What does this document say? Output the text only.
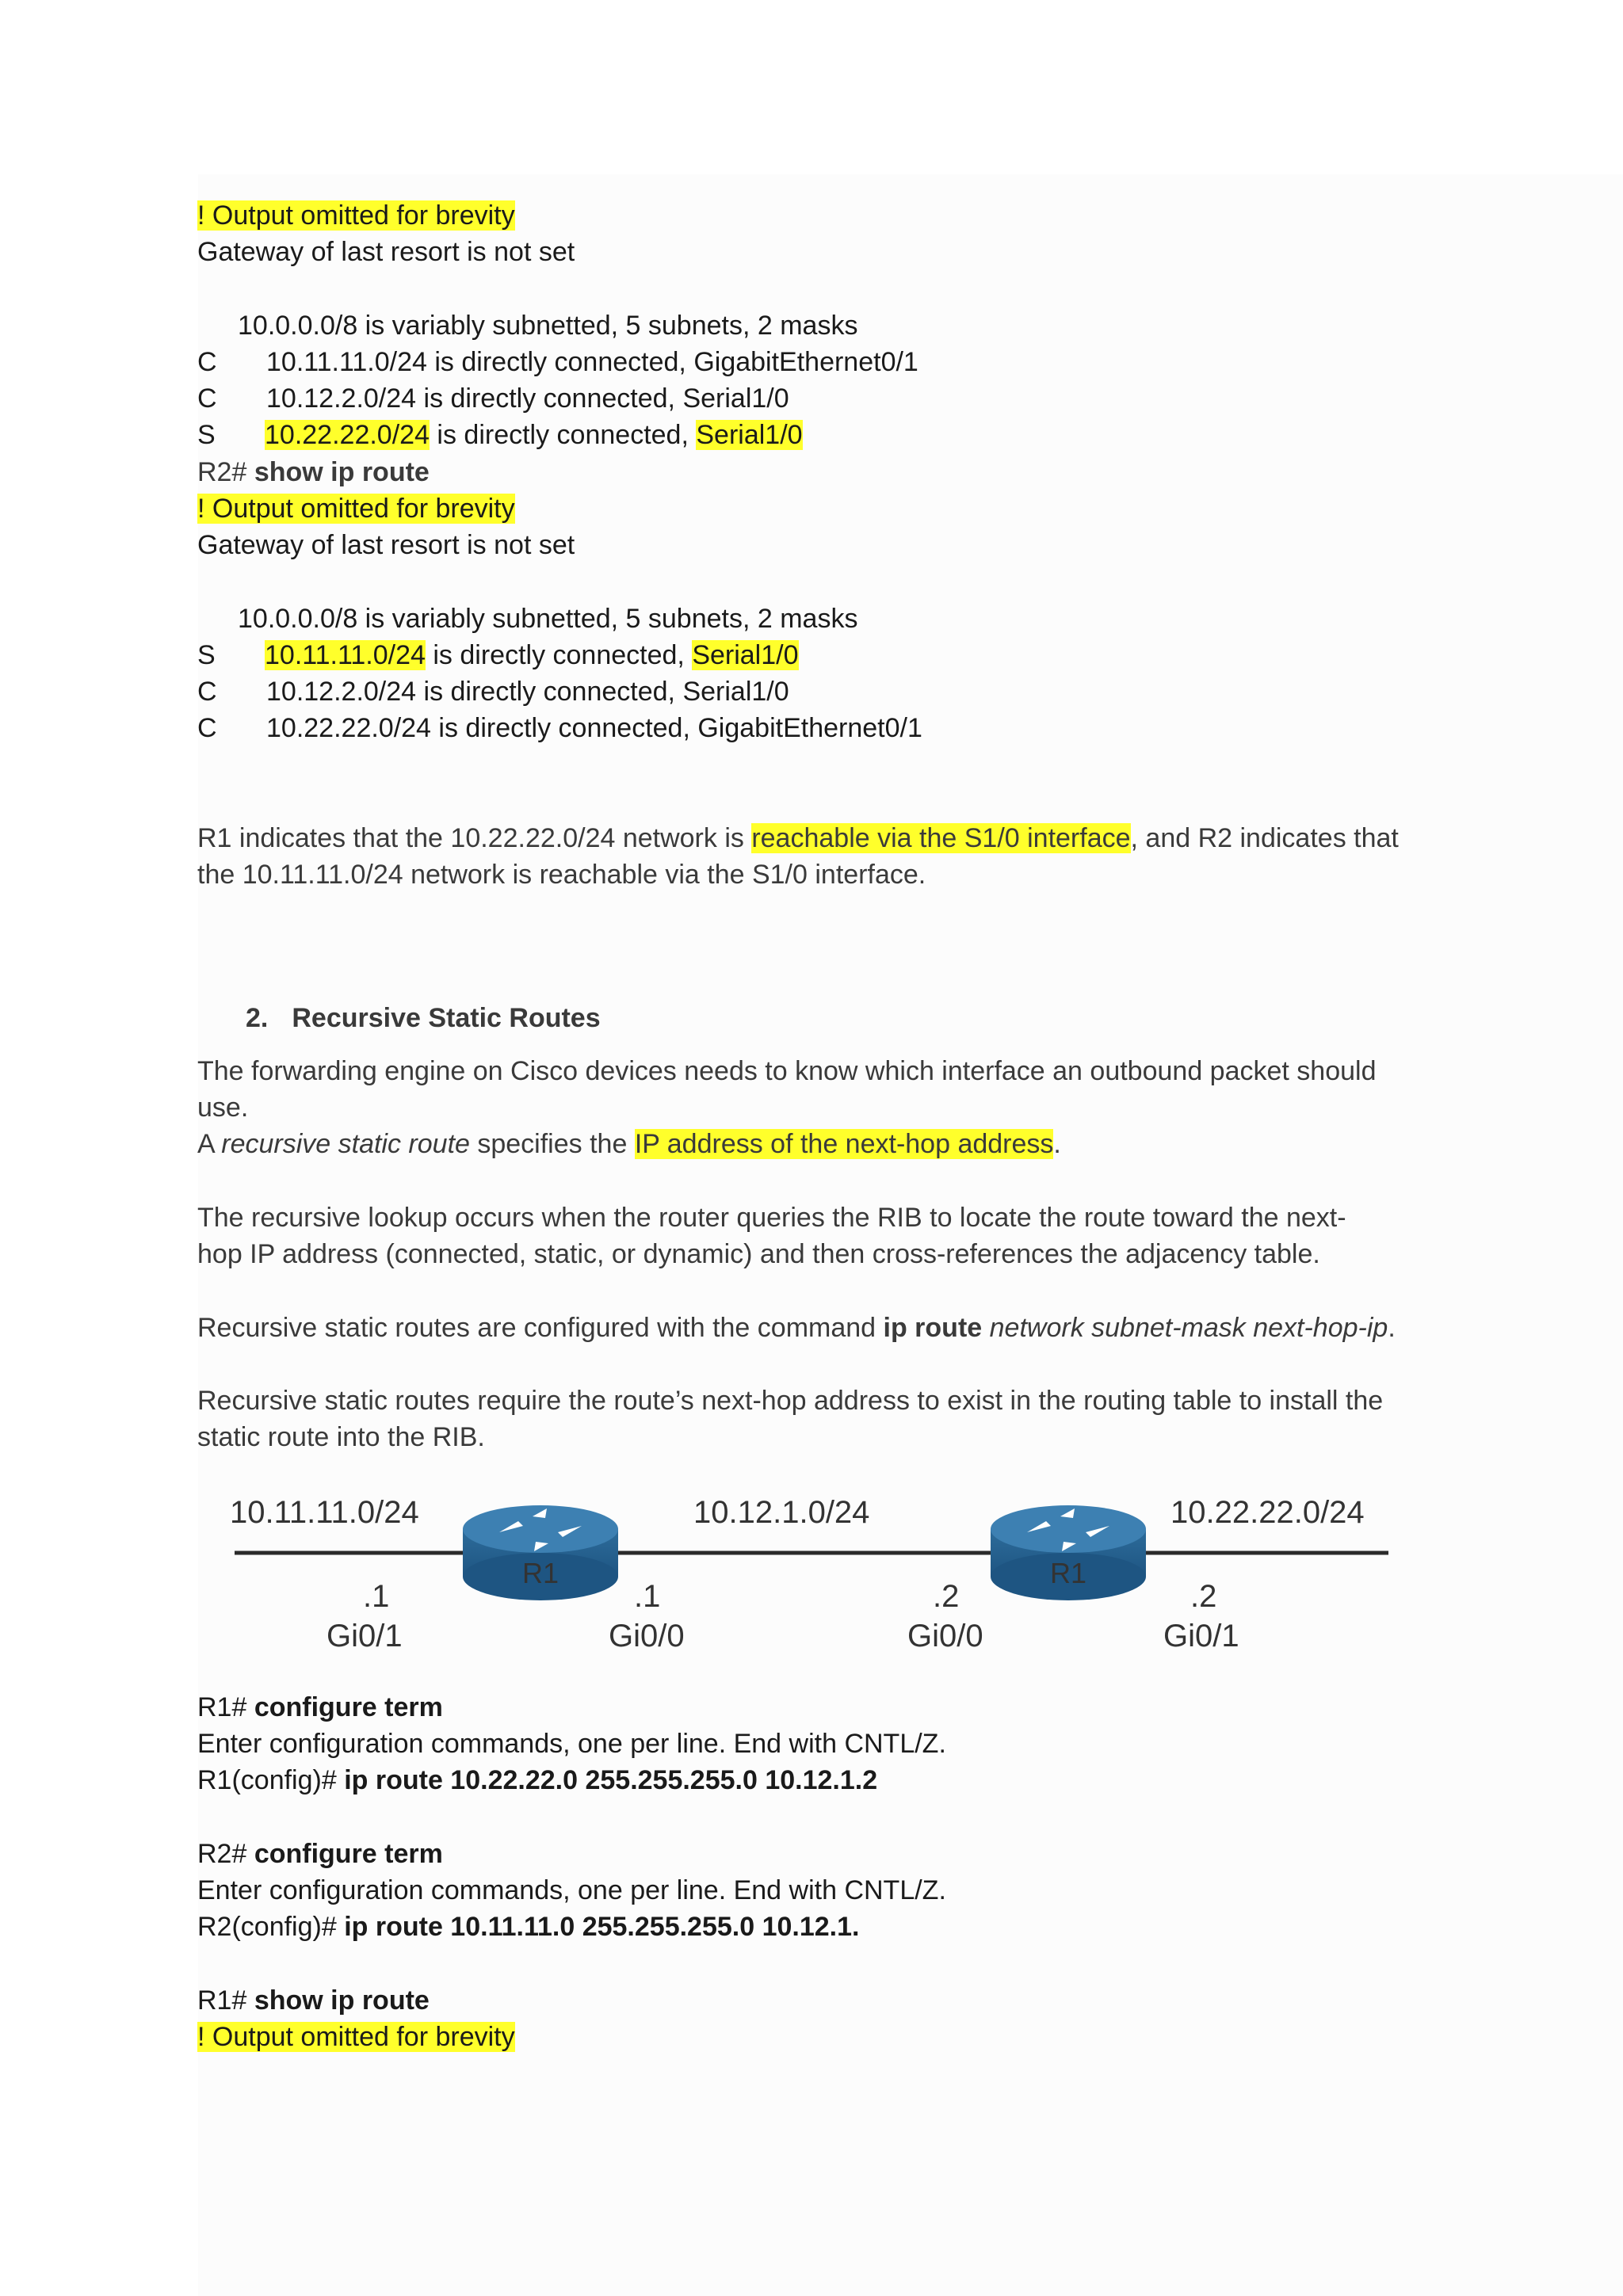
! Output omitted for brevity
Gateway of last resort is not set
10.0.0.0/8 is variably subnetted, 5 subnets, 2 masks
C 10.11.11.0/24 is directly connected, GigabitEthernet0/1
C 10.12.2.0/24 is directly connected, Serial1/0
S 10.22.22.0/24 is directly connected, Serial1/0
R2# show ip route
! Output omitted for brevity
Gateway of last resort is not set
10.0.0.0/8 is variably subnetted, 5 subnets, 2 masks
S 10.11.11.0/24 is directly connected, Serial1/0
C 10.12.2.0/24 is directly connected, Serial1/0
C 10.22.22.0/24 is directly connected, GigabitEthernet0/1
R1 indicates that the 10.22.22.0/24 network is reachable via the S1/0 interface, and R2 indicates that
the 10.11.11.0/24 network is reachable via the S1/0 interface.
2. Recursive Static Routes
The forwarding engine on Cisco devices needs to know which interface an outbound packet should
use.
A recursive static route specifies the IP address of the next-hop address.
The recursive lookup occurs when the router queries the RIB to locate the route toward the next-
hop IP address (connected, static, or dynamic) and then cross-references the adjacency table.
Recursive static routes are configured with the command ip route network subnet-mask next-hop-ip.
Recursive static routes require the route’s next-hop address to exist in the routing table to install the
static route into the RIB.
10.11.11.0/24	10.12.1.0/24	10.22.22.0/24
R1	R1
.1
Gi0/1
.1
Gi0/0
.2
Gi0/0
.2
Gi0/1
R1# configure term
Enter configuration commands, one per line. End with CNTL/Z.
R1(config)# ip route 10.22.22.0 255.255.255.0 10.12.1.2
R2# configure term
Enter configuration commands, one per line. End with CNTL/Z.
R2(config)# ip route 10.11.11.0 255.255.255.0 10.12.1.
R1# show ip route
! Output omitted for brevity
